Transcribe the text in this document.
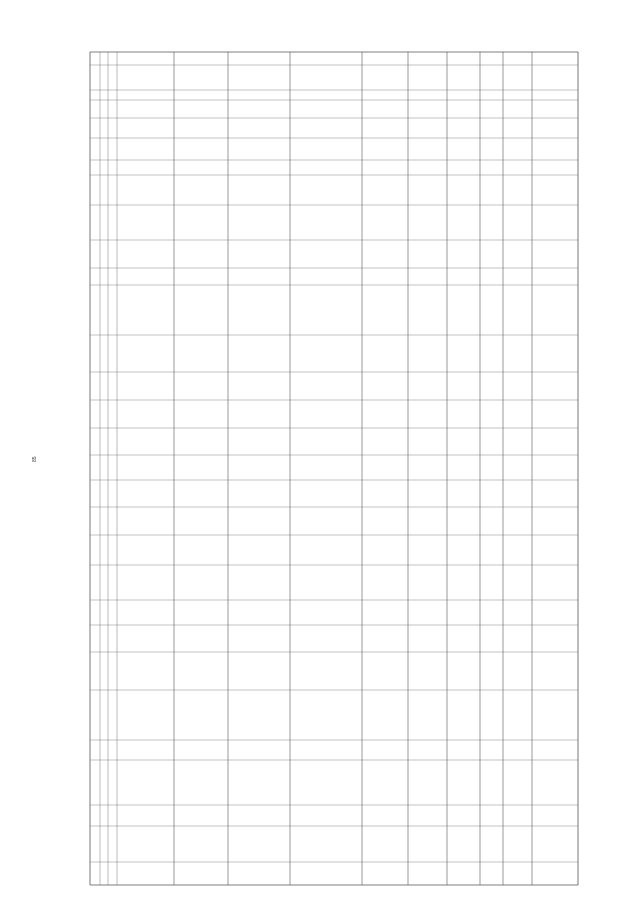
85
